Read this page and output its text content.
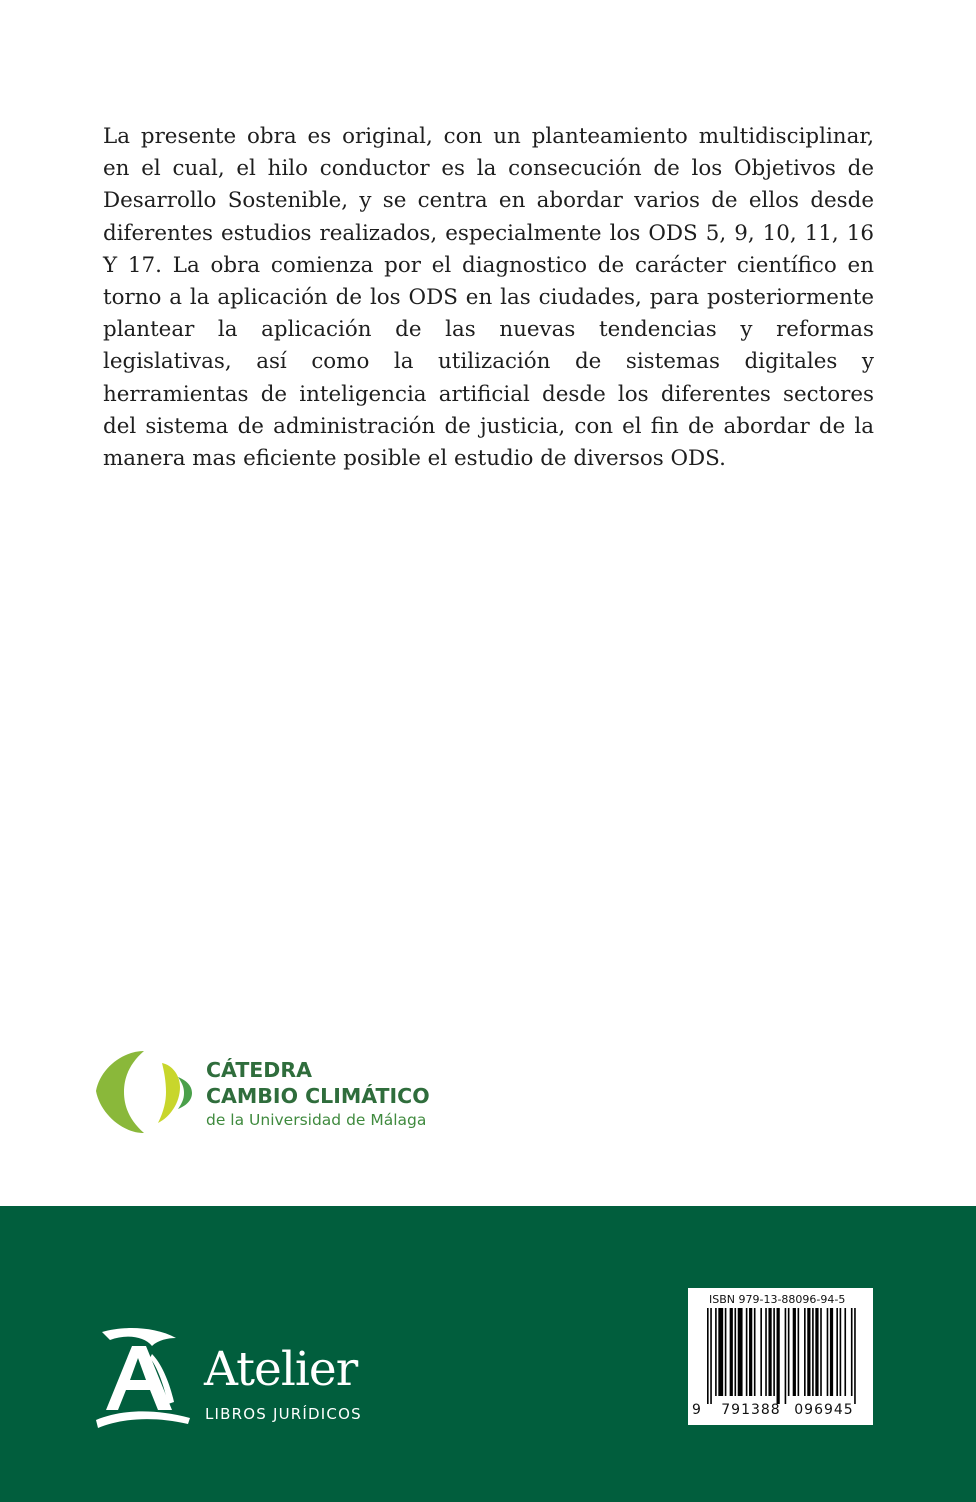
La presente obra es original, con un planteamiento multidisciplinar, en el cual, el hilo conductor es la consecución de los Objetivos de Desarrollo Sostenible, y se centra en abordar varios de ellos desde diferentes estudios realizados, especialmente los ODS 5, 9, 10, 11, 16 Y 17. La obra comienza por el diagnostico de carácter científico en torno a la aplicación de los ODS en las ciudades, para posteriormente plantear la aplicación de las nuevas tendencias y reformas legislativas, así como la utilización de sistemas digitales y herramientas de inteligencia artificial desde los diferentes sectores del sistema de administración de justicia, con el fin de abordar de la manera mas eficiente posible el estudio de diversos ODS.

CÁTEDRA
CAMBIO CLIMÁTICO
de la Universidad de Málaga
Atelier
LIBROS JURÍDICOS
ISBN 979-13-88096-94-5
9 791388 096945
